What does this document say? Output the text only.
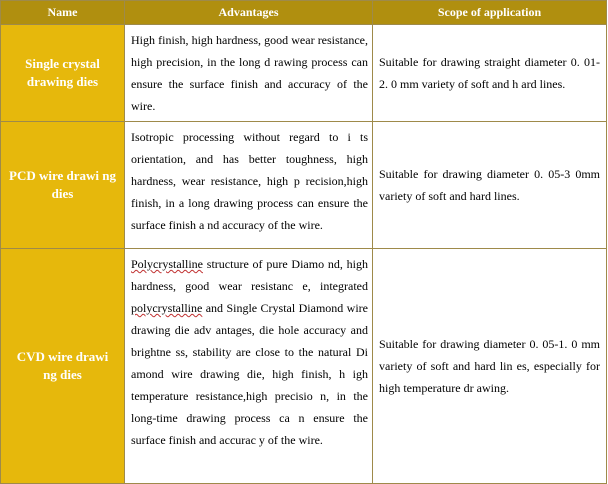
Name	Advantages	Scope of application
Single crystal drawing dies	High finish, high hardness, good wear resistance, high precision, in the long d rawing process can ensure the surface finish and accuracy of the wire.	Suitable for drawing straight diameter 0. 01-2. 0 mm variety of soft and h ard lines.
PCD wire drawi ng dies	Isotropic processing without regard to i ts orientation, and has better toughness, high hardness, wear resistance, high p recision,high finish, in a long drawing process can ensure the surface finish a nd accuracy of the wire.	Suitable for drawing diameter 0. 05-3 0mm variety of soft and hard lines.
CVD wire drawi ng dies	Polycrystalline structure of pure Diamo nd, high hardness, good wear resistanc e, integrated polycrystalline and Single Crystal Diamond wire drawing die adv antages, die hole accuracy and brightne ss, stability are close to the natural Di amond wire drawing die, high finish, h igh temperature resistance,high precisio n, in the long-time drawing process ca n ensure the surface finish and accurac y of the wire.	Suitable for drawing diameter 0. 05-1. 0 mm variety of soft and hard lin es, especially for high temperature dr awing.
